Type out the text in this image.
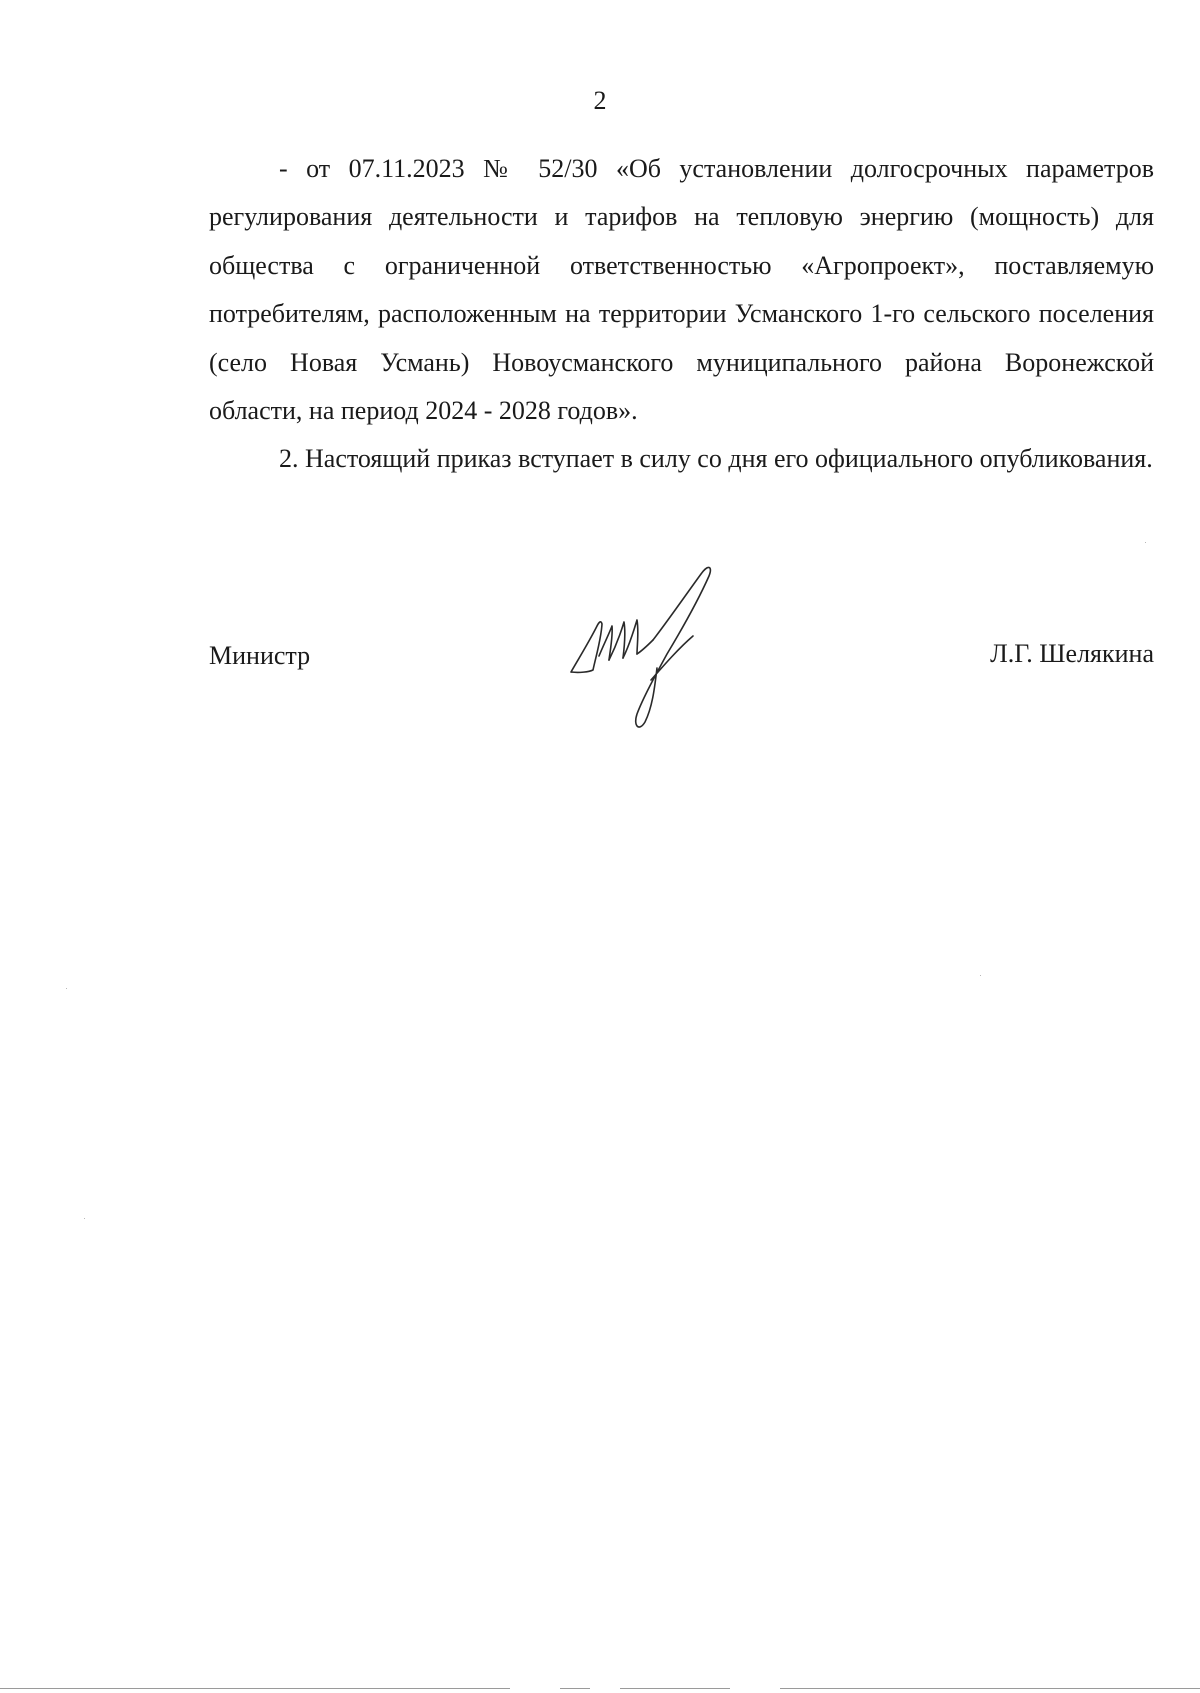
2

- от 07.11.2023 № 52/30 «Об установлении долгосрочных параметров регулирования деятельности и тарифов на тепловую энергию (мощность) для общества с ограниченной ответственностью «Агропроект», поставляемую потребителям, расположенным на территории Усманского 1-го сельского поселения (село Новая Усмань) Новоусманского муниципального района Воронежской области, на период 2024 - 2028 годов».

2. Настоящий приказ вступает в силу со дня его официального опубликования.

Министр	Л.Г. Шелякина
